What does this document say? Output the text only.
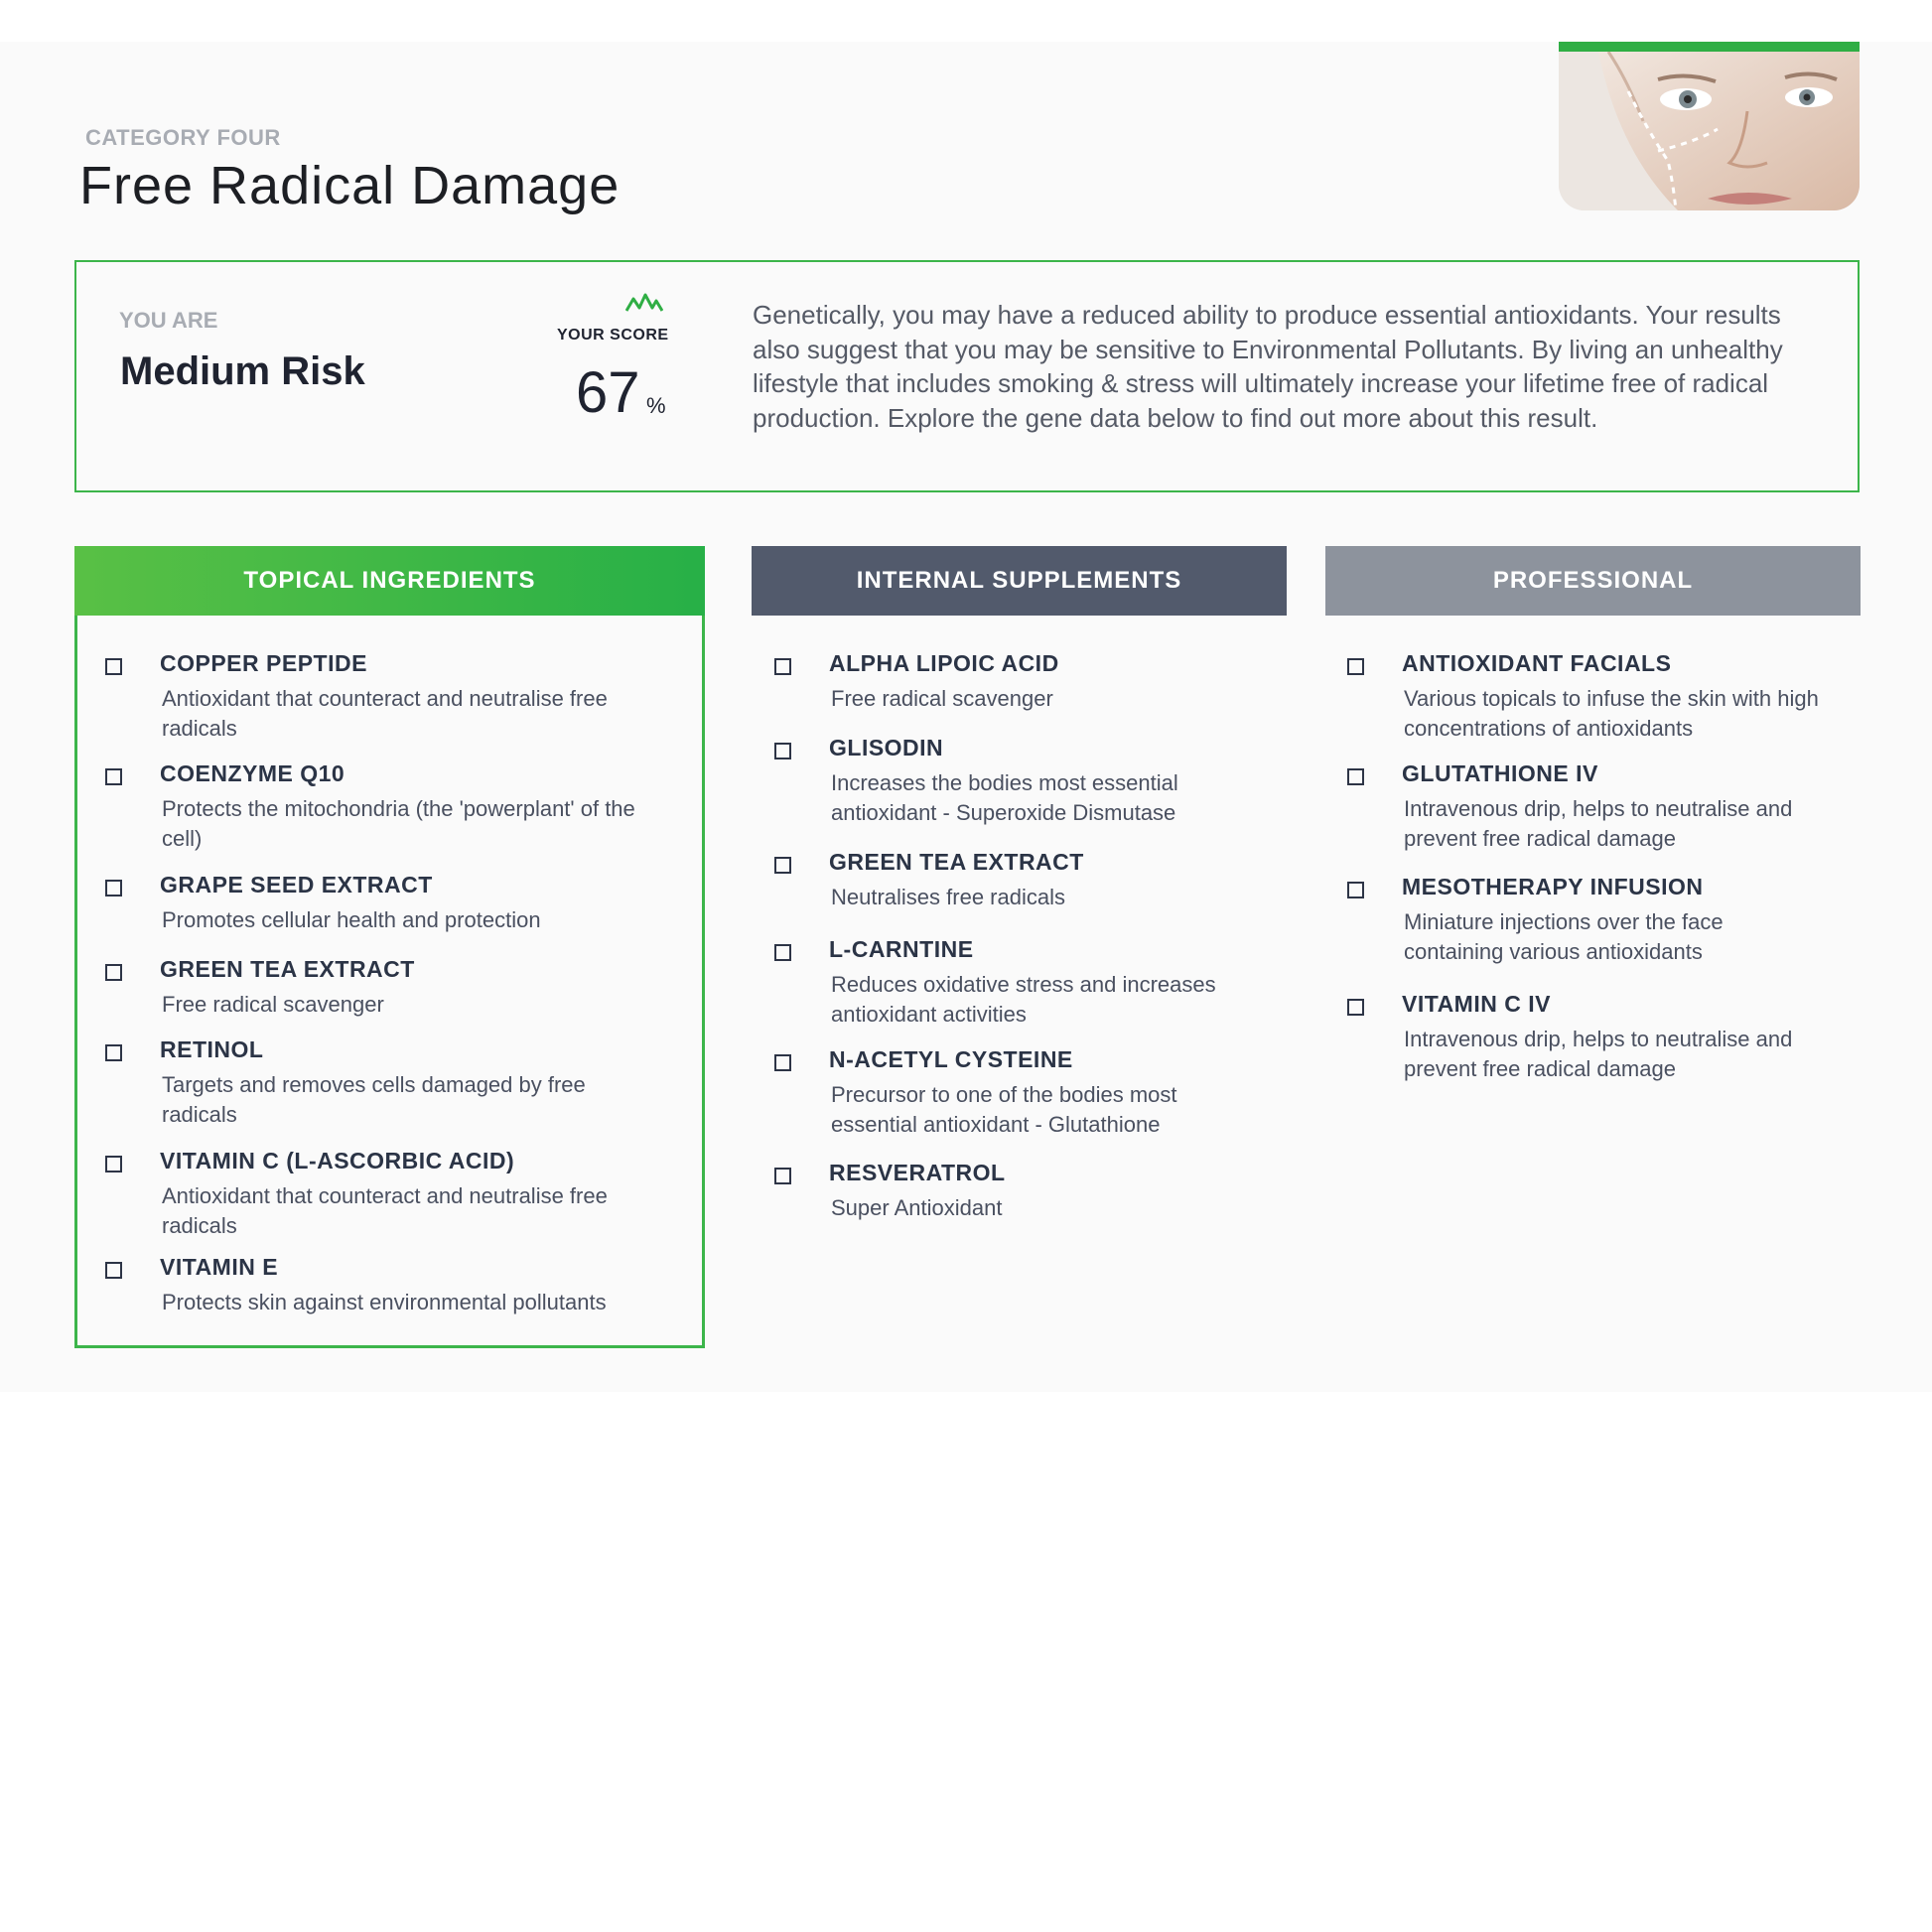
CATEGORY FOUR
Free Radical Damage
YOU ARE
Medium Risk
YOUR SCORE
67 %
Genetically, you may have a reduced ability to produce essential antioxidants. Your results also suggest that you may be sensitive to Environmental Pollutants. By living an unhealthy lifestyle that includes smoking & stress will ultimately increase your lifetime free of radical production. Explore the gene data below to find out more about this result.
TOPICAL INGREDIENTS
COPPER PEPTIDE
Antioxidant that counteract and neutralise free radicals
COENZYME Q10
Protects the mitochondria (the 'powerplant' of the cell)
GRAPE SEED EXTRACT
Promotes cellular health and protection
GREEN TEA EXTRACT
Free radical scavenger
RETINOL
Targets and removes cells damaged by free radicals
VITAMIN C (L-ASCORBIC ACID)
Antioxidant that counteract and neutralise free radicals
VITAMIN E
Protects skin against environmental pollutants
INTERNAL SUPPLEMENTS
ALPHA LIPOIC ACID
Free radical scavenger
GLISODIN
Increases the bodies most essential antioxidant - Superoxide Dismutase
GREEN TEA EXTRACT
Neutralises free radicals
L-CARNTINE
Reduces oxidative stress and increases antioxidant activities
N-ACETYL CYSTEINE
Precursor to one of the bodies most essential antioxidant - Glutathione
RESVERATROL
Super Antioxidant
PROFESSIONAL
ANTIOXIDANT FACIALS
Various topicals to infuse the skin with high concentrations of antioxidants
GLUTATHIONE IV
Intravenous drip, helps to neutralise and prevent free radical damage
MESOTHERAPY INFUSION
Miniature injections over the face containing various antioxidants
VITAMIN C IV
Intravenous drip, helps to neutralise and prevent free radical damage
